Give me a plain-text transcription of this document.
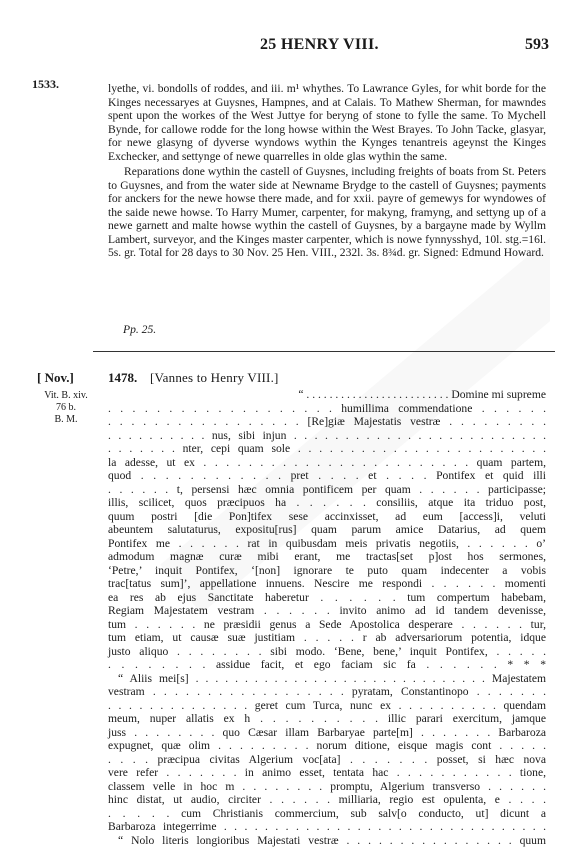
25 HENRY VIII.	593
1533.	lyethe, vi. bondolls of roddes, and iii. m¹ whythes. To Lawrance Gyles, for whit borde for the Kinges necessaryes at Guysnes, Hampnes, and at Calais. To Mathew Sherman, for mawndes spent upon the workes of the West Juttye for beryng of stone to fylle the same. To Mychell Bynde, for callowe rodde for the long howse within the West Brayes. To John Tacke, glasyar, for newe glasyng of dyverse wyndows wythin the Kynges tenantreis ageynst the Kinges Exchecker, and settynge of newe quarrelles in olde glas wythin the same.

Reparations done wythin the castell of Guysnes, including freights of boats from St. Peters to Guysnes, and from the water side at Newname Brydge to the castell of Guysnes; payments for anckers for the newe howse there made, and for xxii. payre of gemewys for wyndowes of the saide newe howse. To Harry Mumer, carpenter, for makyng, framyng, and settyng up of a newe garnett and malte howse wythin the castell of Guysnes, by a bargayne made by Wyllm Lambert, surveyor, and the Kinges master carpenter, which is nowe fynnysshyd, 10l. stg.=16l. 5s. gr. Total for 28 days to 30 Nov. 25 Hen. VIII., 232l. 3s. 8¾d. gr. Signed: Edmund Howard.

Pp. 25.
[ Nov.]	1478. [Vannes to Henry VIII.]
Vit. B. xiv.
76 b.
B. M.

“ . . . . . . . . . . . . . . . . . . . . . . . . . Domine mi supreme

. . . . . . . . . . . . . . . . . . . humillima commendatione . . . . . .

. . . . . . . . . . . . . . . . . [Re]giæ Majestatis vestræ . . . . . . . . .

. . . . . . . . . . nus, sibi injun . . . . . . . . . . . . . . . . . . . . . . . . .

. . . . . . . nter, cepi quam sole . . . . . . . . . . . . . . . . . . . . . . . .

la adesse, ut ex . . . . . . . . . . . . . . . . . . . . . . . . quam partem,

quod . . . . . . . . . . . . pret . . . . et . . . . Pontifex et quid illi

. . . . . . t, persensi hæc omnia pontificem per quam . . . . . . participasse;

illis, scilicet, quos præcipuos ha . . . . . . consiliis, atque ita triduo post,

quum postri [die Pon]tifex sese accinxisset, ad eum [access]i, veluti

abeuntem salutaturus, expositu[rus] quam parum amice Datarius, ad quem

Pontifex me . . . . . . rat in quibusdam meis privatis negotiis, . . . . . . o’

admodum magnæ curæ mibi erant, me tractas[set p]ost hos sermones,

‘Petre,’ inquit Pontifex, ‘[non] ignorare te puto quam indecenter a vobis

trac[tatus sum]’, appellatione innuens. Nescire me respondi . . . . . . momenti

ea res ab ejus Sanctitate haberetur . . . . . . tum compertum habebam,

Regiam Majestatem vestram . . . . . . invito animo ad id tandem devenisse,

tum . . . . . . ne præsidii genus a Sede Apostolica desperare . . . . . . tur,

tum etiam, ut causæ suæ justitiam . . . . . r ab adversariorum potentia, idque

justo aliquo . . . . . . . . sibi modo. ‘Bene, bene,’ inquit Pontifex, . . . . .

. . . . . . . . assidue facit, et ego faciam sic fa . . . . . . * * *

“ Aliis mei[s] . . . . . . . . . . . . . . . . . . . . . . . . . . . . . . Majestatem

vestram . . . . . . . . . . . . . . . . . . pyratam, Constantinopo . . . . . . .

. . . . . . . . . . . . . . geret cum Turca, nunc ex . . . . . . . . . . quendam

meum, nuper allatis ex h . . . . . . . . . . illic parari exercitum, jamque

juss . . . . . . . . quo Cæsar illam Barbaryae parte[m] . . . . . . . Barbaroza

expugnet, quæ olim . . . . . . . . . norum ditione, eisque magis cont . . . . .

. . . . præcipua civitas Algerium voc[ata] . . . . . . . posset, si hæc nova

vere refer . . . . . . . in animo esset, tentata hac . . . . . . . . . . . tione,

classem velle in hoc m . . . . . . . . promptu, Algerium transverso . . . . . .

hinc distat, ut audio, circiter . . . . . . milliaria, regio est opulenta, e . . . .

. . . . . cum Christianis commercium, sub salv[o conducto, ut] dicunt a

Barbaroza integerrime . . . . . . . . . . . . . . . . . . . . . . . . . . . . . . . .

“ Nolo literis longioribus Majestati vestræ . . . . . . . . . . . . . . . . quum
